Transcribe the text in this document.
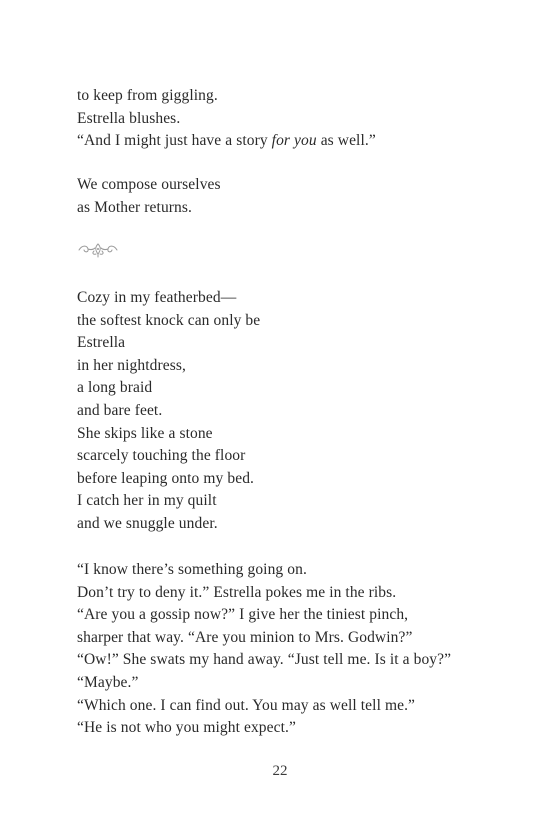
to keep from giggling.
Estrella blushes.
“And I might just have a story for you as well.”
We compose ourselves
as Mother returns.
Cozy in my featherbed—
the softest knock can only be
Estrella
in her nightdress,
a long braid
and bare feet.
She skips like a stone
scarcely touching the floor
before leaping onto my bed.
I catch her in my quilt
and we snuggle under.
“I know there’s something going on.
Don’t try to deny it.” Estrella pokes me in the ribs.
“Are you a gossip now?” I give her the tiniest pinch,
sharper that way. “Are you minion to Mrs. Godwin?”
“Ow!” She swats my hand away. “Just tell me. Is it a boy?”
“Maybe.”
“Which one. I can find out. You may as well tell me.”
“He is not who you might expect.”
22
